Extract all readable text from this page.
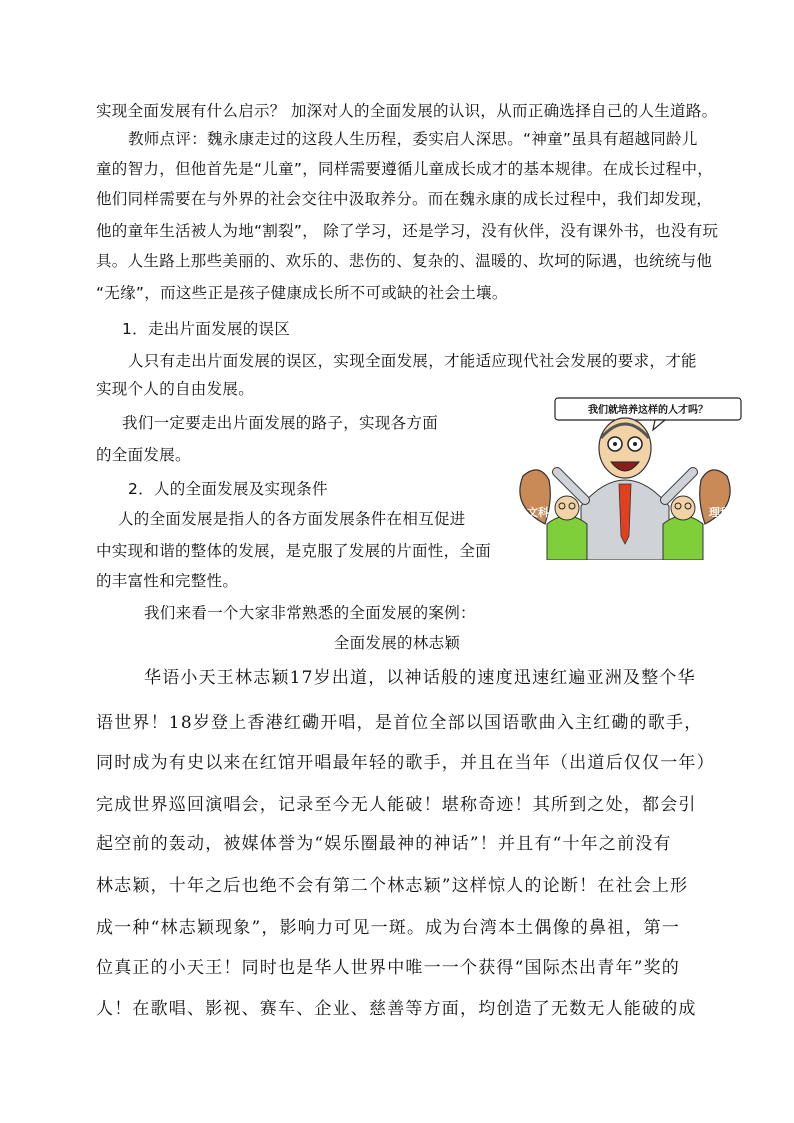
实现全面发展有什么启示？ 加深对人的全面发展的认识，从而正确选择自己的人生道路。
教师点评：魏永康走过的这段人生历程，委实启人深思。“神童”虽具有超越同龄儿
童的智力，但他首先是“儿童”，同样需要遵循儿童成长成才的基本规律。在成长过程中，
他们同样需要在与外界的社会交往中汲取养分。而在魏永康的成长过程中，我们却发现，
他的童年生活被人为地“割裂”， 除了学习，还是学习，没有伙伴，没有课外书，也没有玩
具。人生路上那些美丽的、欢乐的、悲伤的、复杂的、温暖的、坎坷的际遇，也统统与他
“无缘”，而这些正是孩子健康成长所不可或缺的社会土壤。
1．走出片面发展的误区
人只有走出片面发展的误区，实现全面发展，才能适应现代社会发展的要求，才能
实现个人的自由发展。
我们一定要走出片面发展的路子，实现各方面
的全面发展。
2．人的全面发展及实现条件
人的全面发展是指人的各方面发展条件在相互促进
中实现和谐的整体的发展，是克服了发展的片面性，全面
的丰富性和完整性。
我们来看一个大家非常熟悉的全面发展的案例：
全面发展的林志颖
华语小天王林志颖17岁出道，以神话般的速度迅速红遍亚洲及整个华
语世界！18岁登上香港红磡开唱，是首位全部以国语歌曲入主红磡的歌手，
同时成为有史以来在红馆开唱最年轻的歌手，并且在当年（出道后仅仅一年）
完成世界巡回演唱会，记录至今无人能破！堪称奇迹！其所到之处，都会引
起空前的轰动，被媒体誉为“娱乐圈最神的神话”！并且有“十年之前没有
林志颖，十年之后也绝不会有第二个林志颖”这样惊人的论断！在社会上形
成一种“林志颖现象”，影响力可见一斑。成为台湾本土偶像的鼻祖，第一
位真正的小天王！同时也是华人世界中唯一一个获得“国际杰出青年”奖的
人！在歌唱、影视、赛车、企业、慈善等方面，均创造了无数无人能破的成
我们就培养这样的人才吗？
文科	理科
